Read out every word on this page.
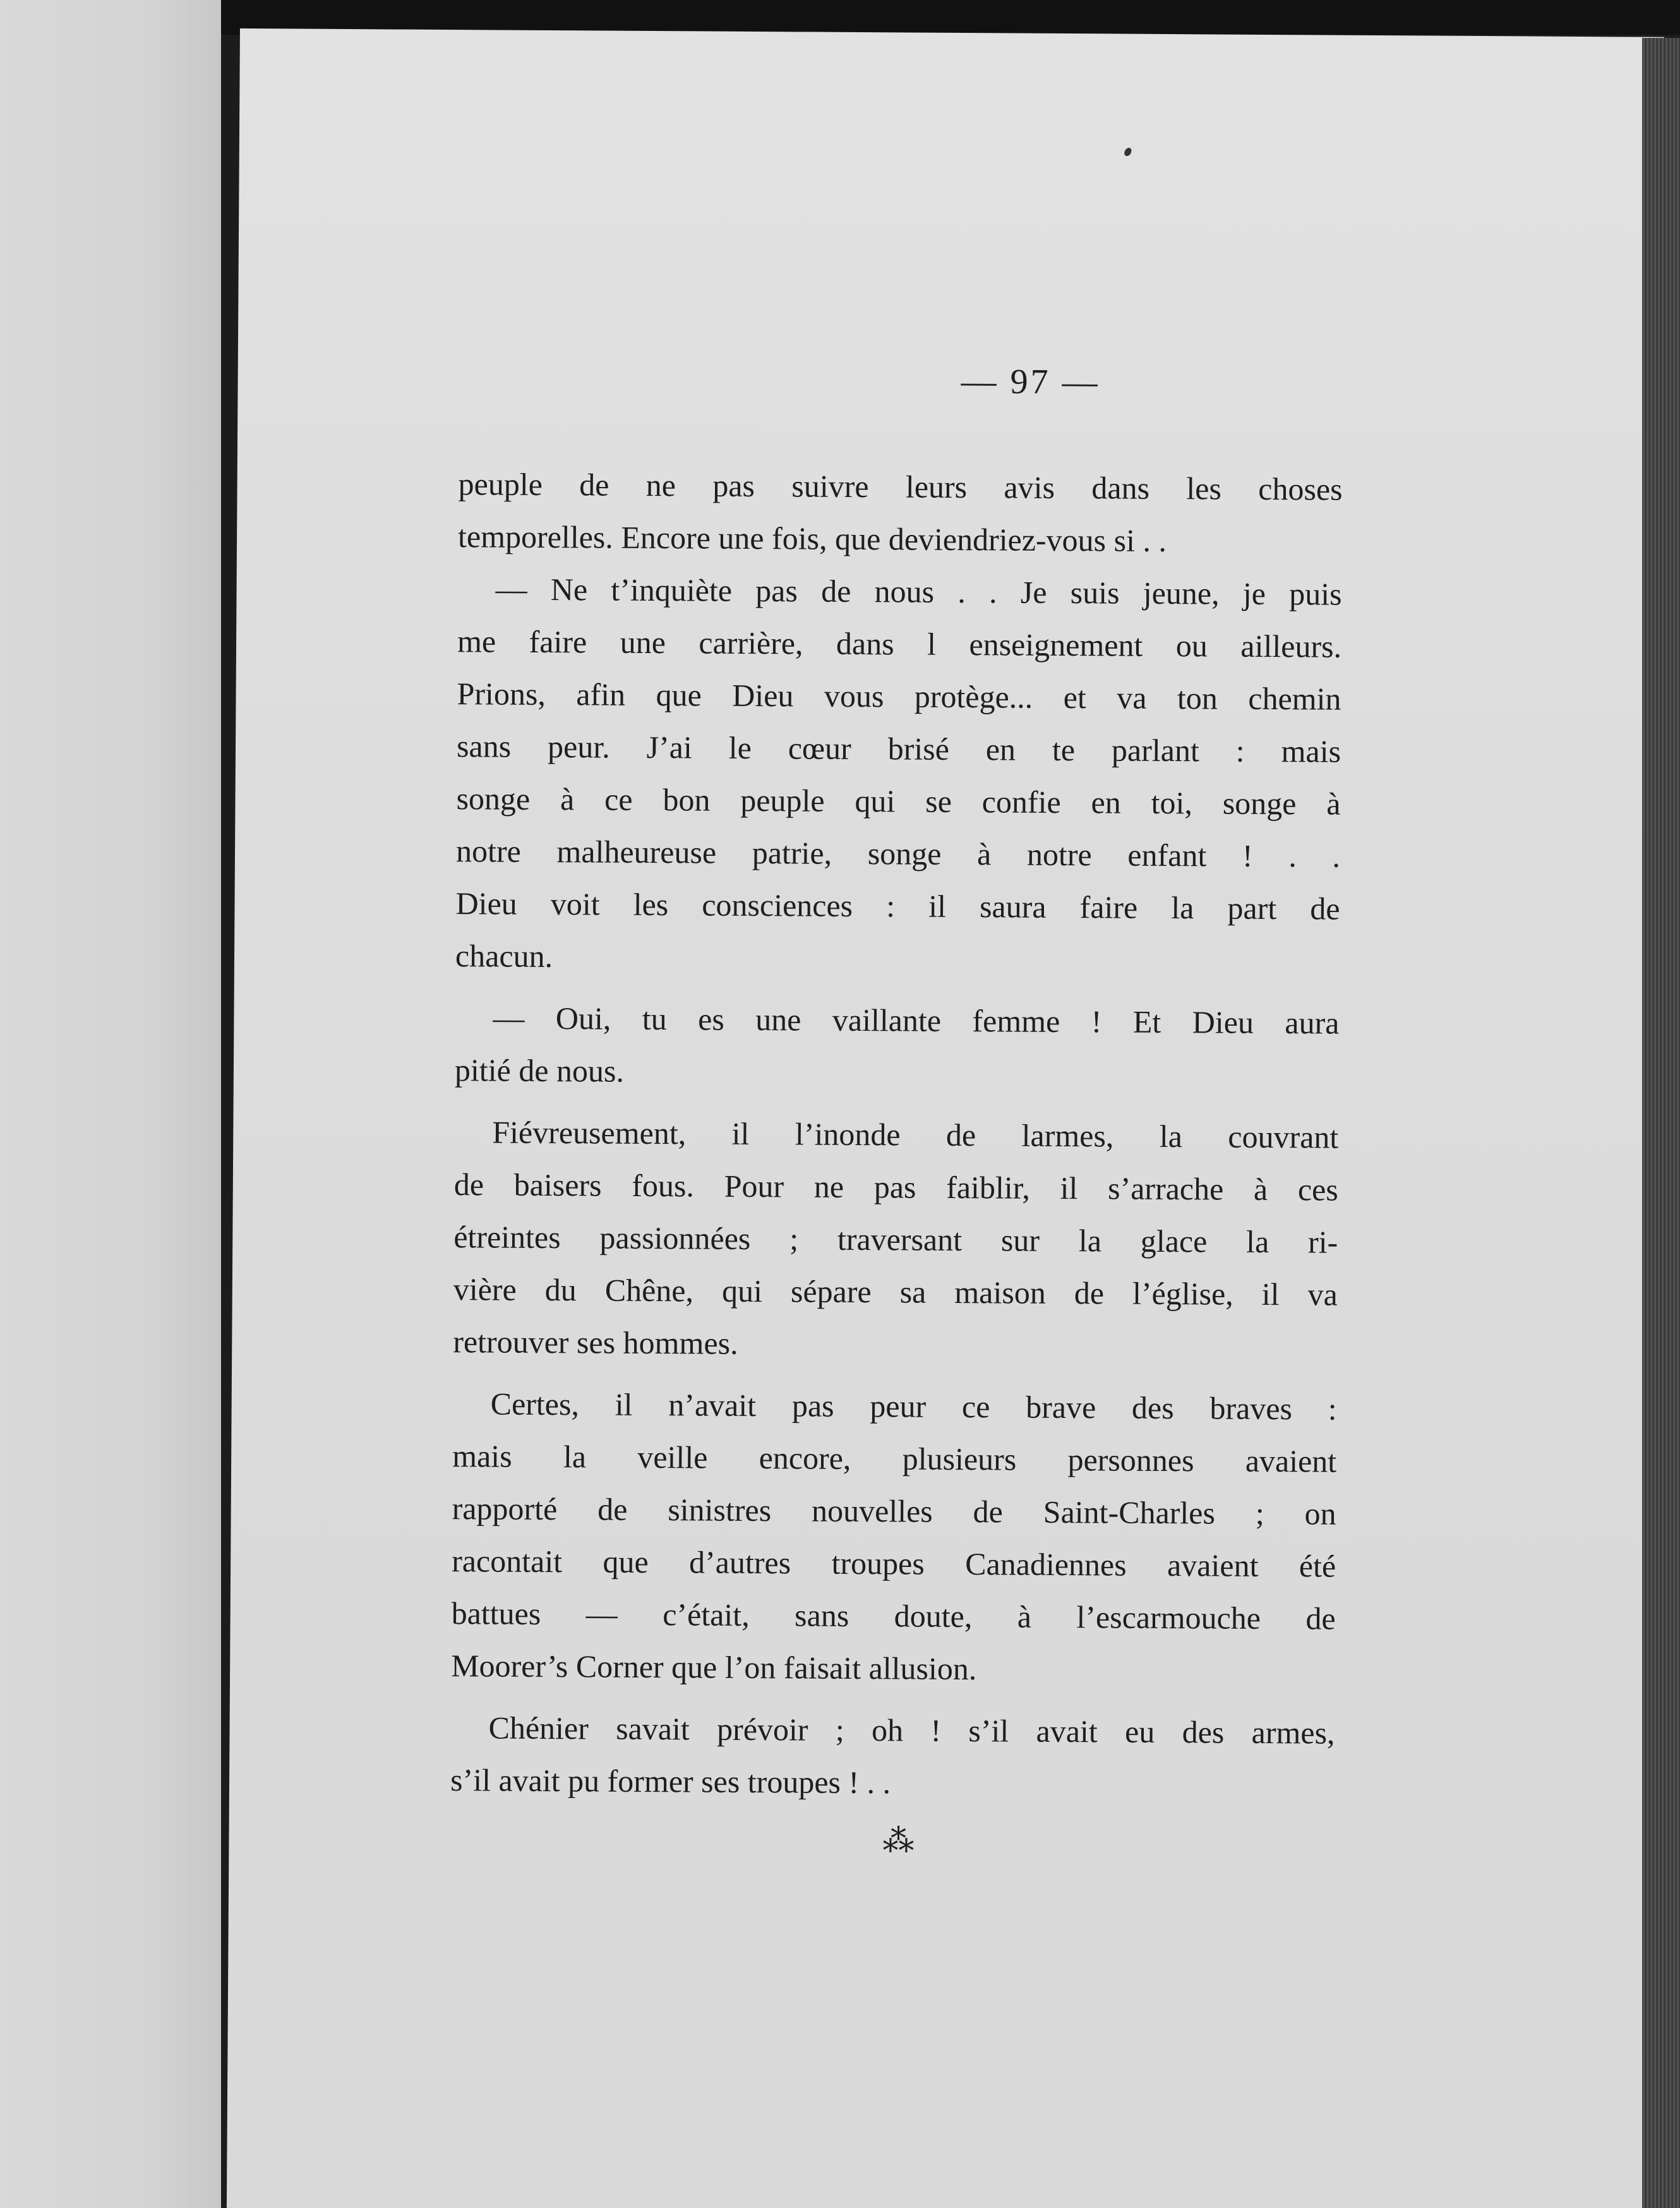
— 97 —
peuple de ne pas suivre leurs avis dans les choses
temporelles. Encore une fois, que deviendriez-vous si . .
— Ne t’inquiète pas de nous . . Je suis jeune, je puis
me faire une carrière, dans l enseignement ou ailleurs.
Prions, afin que Dieu vous protège... et va ton chemin
sans peur. J’ai le cœur brisé en te parlant : mais
songe à ce bon peuple qui se confie en toi, songe à
notre malheureuse patrie, songe à notre enfant ! . .
Dieu voit les consciences : il saura faire la part de
chacun.
— Oui, tu es une vaillante femme ! Et Dieu aura
pitié de nous.
Fiévreusement, il l’inonde de larmes, la couvrant
de baisers fous. Pour ne pas faiblir, il s’arrache à ces
étreintes passionnées ; traversant sur la glace la ri-
vière du Chêne, qui sépare sa maison de l’église, il va
retrouver ses hommes.
Certes, il n’avait pas peur ce brave des braves :
mais la veille encore, plusieurs personnes avaient
rapporté de sinistres nouvelles de Saint-Charles ; on
racontait que d’autres troupes Canadiennes avaient été
battues — c’était, sans doute, à l’escarmouche de
Moorer’s Corner que l’on faisait allusion.
Chénier savait prévoir ; oh ! s’il avait eu des armes,
s’il avait pu former ses troupes ! . .
⁂
